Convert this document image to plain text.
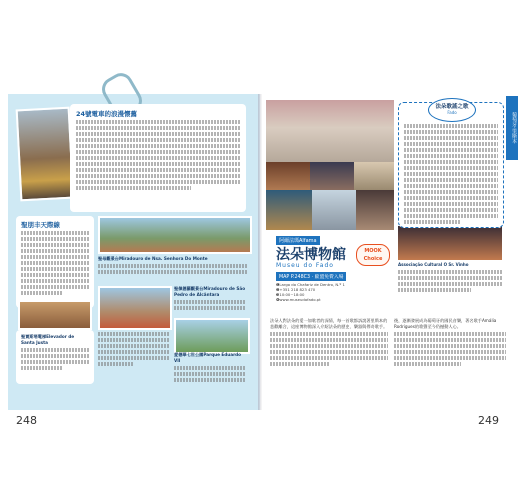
24號電車的浪漫懷舊
聖朋丰天際線
聖母觀景台Miradouro de Nsa. Senhora Do Monte
聖佩德羅觀景台Miradouro de São Pedro de Alcântara
聖賈斯塔電梯Elevador de Santa Justa
愛德華七世公園Parque Eduardo VII
葡萄牙·里斯本
阿爾法瑪Alfama
法朵博物館
Museu do Fado
MAP P.248C3 · 歐盟免費入場
MOOK Choice
❶Largo do Chafariz de Dentro, N.º 1
❷+351 218 823 470
❸10:00~18:00
❹www.museudofado.pt
Associação Cultural O Sr. Vinho
法朵歌謠之歌
Fado
法朵人對法朵的愛一如歌者的深情，每一首歌都訴說著里斯本的悲歡離合，這座博物館深入介紹法朵的歷史、樂器與傳奇歌手。
後，逐漸發展成為葡萄牙的國民音樂，著名歌手Amália Rodrigues的歌聲至今仍撼動人心。
248	249
